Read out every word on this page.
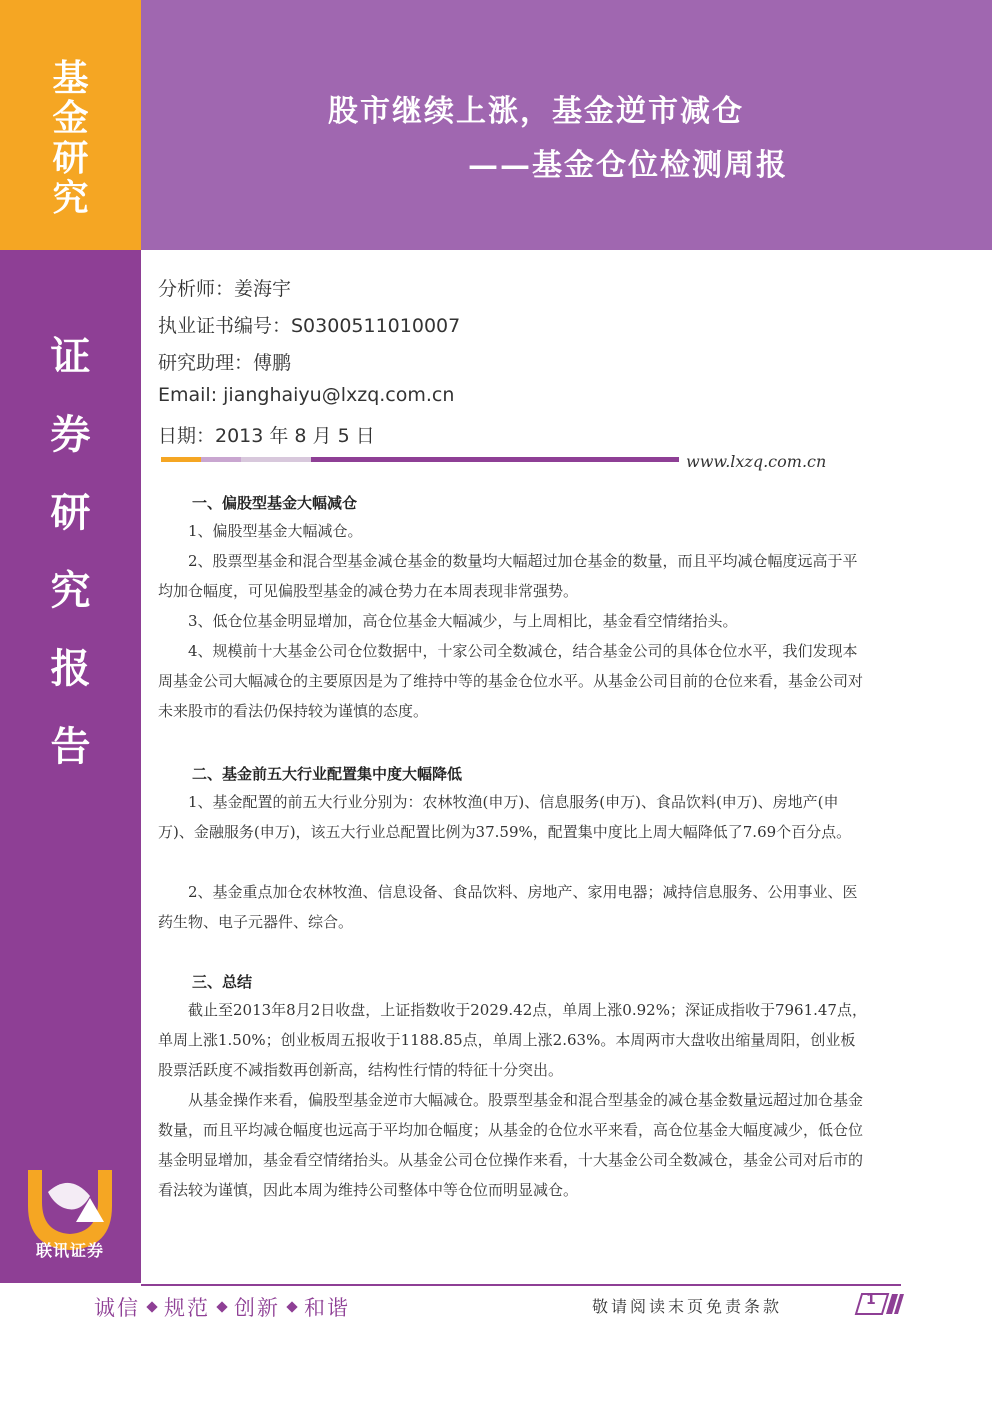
基
金
研
究
证
券
研
究
报
告
股市继续上涨，基金逆市减仓
——基金仓位检测周报
分析师：姜海宇
执业证书编号：S0300511010007
研究助理：傅鹏
Email: jianghaiyu@lxzq.com.cn
日期：2013 年 8 月 5 日
www.lxzq.com.cn
一、偏股型基金大幅减仓

1、偏股型基金大幅减仓。

2、股票型基金和混合型基金减仓基金的数量均大幅超过加仓基金的数量，而且平均减仓幅度远高于平均加仓幅度，可见偏股型基金的减仓势力在本周表现非常强势。

3、低仓位基金明显增加，高仓位基金大幅减少，与上周相比，基金看空情绪抬头。

4、规模前十大基金公司仓位数据中，十家公司全数减仓，结合基金公司的具体仓位水平，我们发现本周基金公司大幅减仓的主要原因是为了维持中等的基金仓位水平。从基金公司目前的仓位来看，基金公司对未来股市的看法仍保持较为谨慎的态度。

二、基金前五大行业配置集中度大幅降低

1、基金配置的前五大行业分别为：农林牧渔(申万)、信息服务(申万)、食品饮料(申万)、房地产(申万)、金融服务(申万)，该五大行业总配置比例为37.59%，配置集中度比上周大幅降低了7.69个百分点。

2、基金重点加仓农林牧渔、信息设备、食品饮料、房地产、家用电器；减持信息服务、公用事业、医药生物、电子元器件、综合。

三、总结

截止至2013年8月2日收盘，上证指数收于2029.42点，单周上涨0.92%；深证成指收于7961.47点，单周上涨1.50%；创业板周五报收于1188.85点，单周上涨2.63%。本周两市大盘收出缩量周阳，创业板股票活跃度不减指数再创新高，结构性行情的特征十分突出。

从基金操作来看，偏股型基金逆市大幅减仓。股票型基金和混合型基金的减仓基金数量远超过加仓基金数量，而且平均减仓幅度也远高于平均加仓幅度；从基金的仓位水平来看，高仓位基金大幅度减少，低仓位基金明显增加，基金看空情绪抬头。从基金公司仓位操作来看，十大基金公司全数减仓，基金公司对后市的看法较为谨慎，因此本周为维持公司整体中等仓位而明显减仓。

联讯证券
诚信 规范 创新 和谐	敬请阅读末页免责条款	1
